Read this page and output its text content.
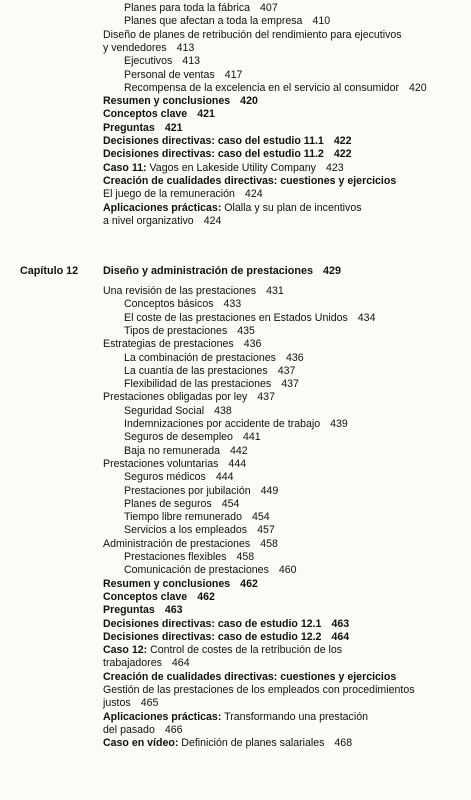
Capítulo 12 Diseño y administración de prestaciones 429
Planes para toda la fábrica 407
Planes que afectan a toda la empresa 410
Diseño de planes de retribución del rendimiento para ejecutivos
y vendedores 413
Ejecutivos 413
Personal de ventas 417
Recompensa de la excelencia en el servicio al consumidor 420
Resumen y conclusiones 420
Conceptos clave 421
Preguntas 421
Decisiones directivas: caso del estudio 11.1 422
Decisiones directivas: caso del estudio 11.2 422
Caso 11: Vagos en Lakeside Utility Company 423
Creación de cualidades directivas: cuestiones y ejercicios
El juego de la remuneración 424
Aplicaciones prácticas: Olalla y su plan de incentivos
a nivel organizativo 424
Una revisión de las prestaciones 431
Conceptos básicos 433
El coste de las prestaciones en Estados Unidos 434
Tipos de prestaciones 435
Estrategias de prestaciones 436
La combinación de prestaciones 436
La cuantía de las prestaciones 437
Flexibilidad de las prestaciones 437
Prestaciones obligadas por ley 437
Seguridad Social 438
Indemnizaciones por accidente de trabajo 439
Seguros de desempleo 441
Baja no remunerada 442
Prestaciones voluntarias 444
Seguros médicos 444
Prestaciones por jubilación 449
Planes de seguros 454
Tiempo libre remunerado 454
Servicios a los empleados 457
Administración de prestaciones 458
Prestaciones flexibles 458
Comunicación de prestaciones 460
Resumen y conclusiones 462
Conceptos clave 462
Preguntas 463
Decisiones directivas: caso de estudio 12.1 463
Decisiones directivas: caso de estudio 12.2 464
Caso 12: Control de costes de la retribución de los
trabajadores 464
Creación de cualidades directivas: cuestiones y ejercicios
Gestión de las prestaciones de los empleados con procedimientos
justos 465
Aplicaciones prácticas: Transformando una prestación
del pasado 466
Caso en vídeo: Definición de planes salariales 468
